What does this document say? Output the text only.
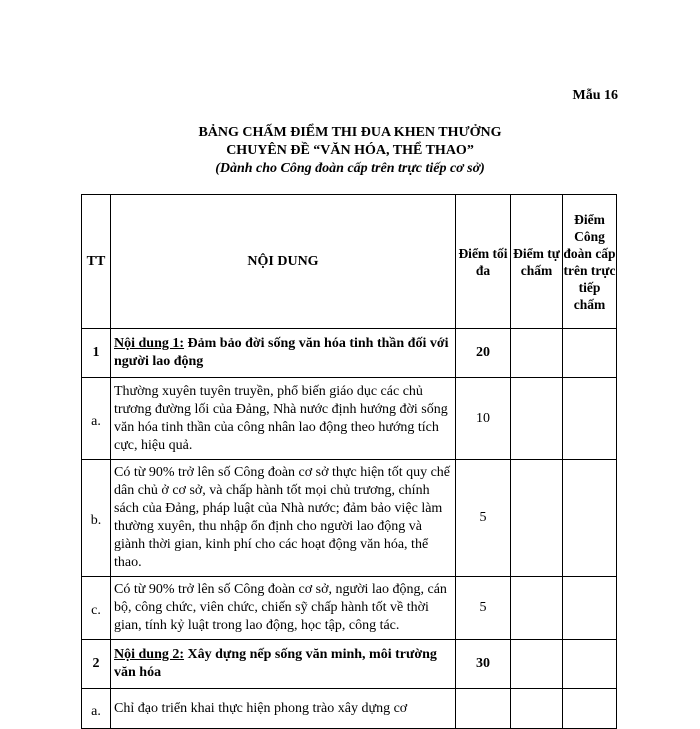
Mẫu 16
BẢNG CHẤM ĐIỂM THI ĐUA KHEN THƯỞNG
CHUYÊN ĐỀ “VĂN HÓA, THỂ THAO”
(Dành cho Công đoàn cấp trên trực tiếp cơ sở)
TT	NỘI DUNG	Điểm tối đa	Điểm tự chấm	Điểm Công đoàn cấp trên trực tiếp chấm
1	Nội dung 1: Đảm bảo đời sống văn hóa tinh thần đối với người lao động	20		
a.	Thường xuyên tuyên truyền, phổ biến giáo dục các chủ trương đường lối của Đảng, Nhà nước định hướng đời sống văn hóa tinh thần của công nhân lao động theo hướng tích cực, hiệu quả.	10		
b.	Có từ 90% trở lên số Công đoàn cơ sở thực hiện tốt quy chế dân chủ ở cơ sở, và chấp hành tốt mọi chủ trương, chính sách của Đảng, pháp luật của Nhà nước; đảm bảo việc làm thường xuyên, thu nhập ổn định cho người lao động và giành thời gian, kinh phí cho các hoạt động văn hóa, thể thao.	5		
c.	Có từ 90% trở lên số Công đoàn cơ sở, người lao động, cán bộ, công chức, viên chức, chiến sỹ chấp hành tốt về thời gian, tính kỷ luật trong lao động, học tập, công tác.	5		
2	Nội dung 2: Xây dựng nếp sống văn minh, môi trường văn hóa	30		
a.	Chỉ đạo triển khai thực hiện phong trào xây dựng cơ			
